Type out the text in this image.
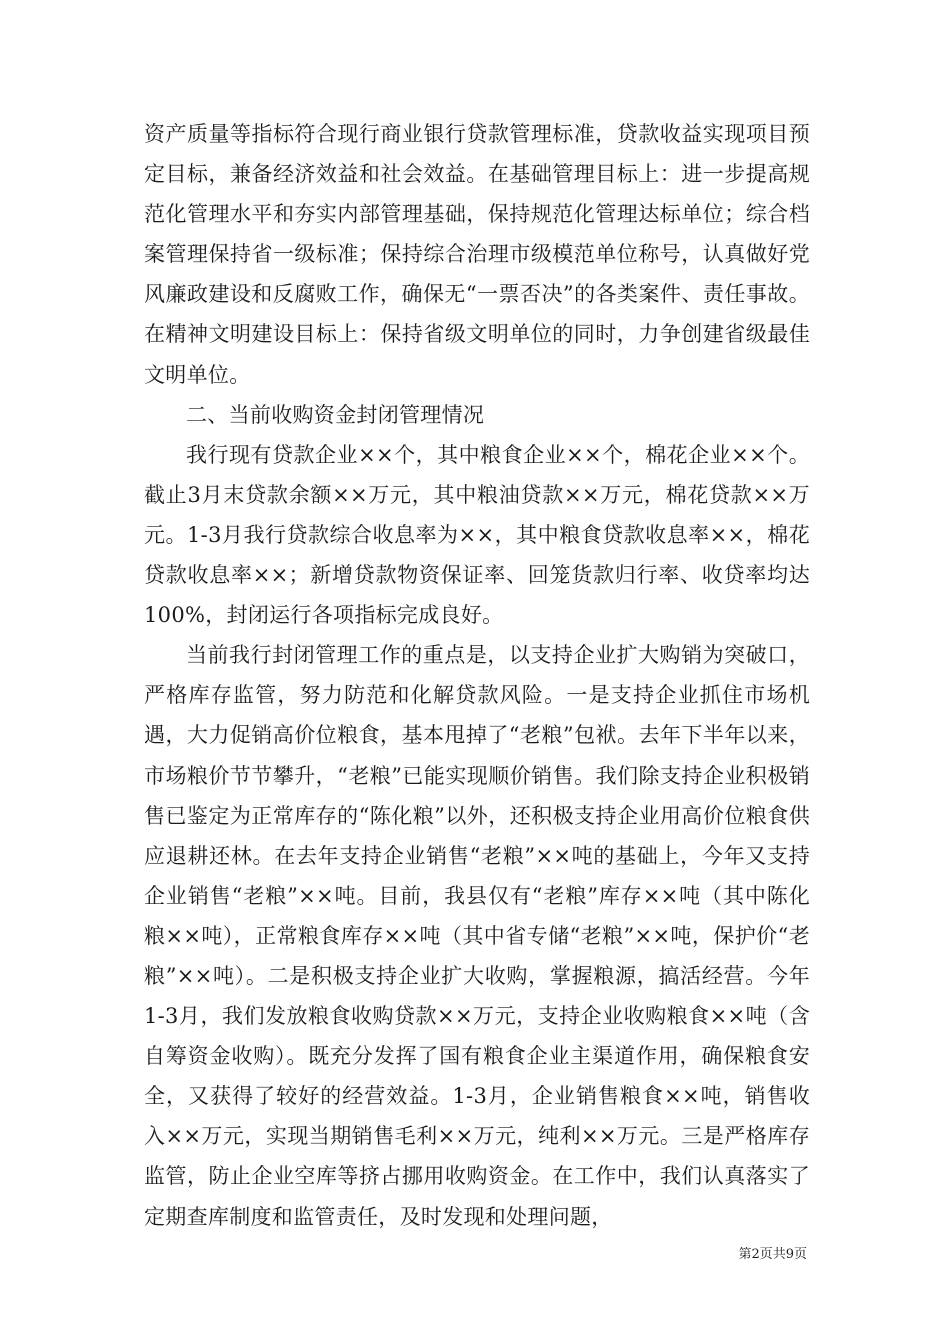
资产质量等指标符合现行商业银行贷款管理标准，贷款收益实现项目预定目标，兼备经济效益和社会效益。在基础管理目标上：进一步提高规范化管理水平和夯实内部管理基础，保持规范化管理达标单位；综合档案管理保持省一级标准；保持综合治理市级模范单位称号，认真做好党风廉政建设和反腐败工作，确保无“一票否决”的各类案件、责任事故。在精神文明建设目标上：保持省级文明单位的同时，力争创建省级最佳文明单位。

二、当前收购资金封闭管理情况

我行现有贷款企业××个，其中粮食企业××个，棉花企业××个。截止3月末贷款余额××万元，其中粮油贷款××万元，棉花贷款××万元。1-3月我行贷款综合收息率为××，其中粮食贷款收息率××，棉花贷款收息率××；新增贷款物资保证率、回笼货款归行率、收贷率均达100%，封闭运行各项指标完成良好。

当前我行封闭管理工作的重点是，以支持企业扩大购销为突破口，严格库存监管，努力防范和化解贷款风险。一是支持企业抓住市场机遇，大力促销高价位粮食，基本甩掉了“老粮”包袱。去年下半年以来，市场粮价节节攀升，“老粮”已能实现顺价销售。我们除支持企业积极销售已鉴定为正常库存的“陈化粮”以外，还积极支持企业用高价位粮食供应退耕还林。在去年支持企业销售“老粮”××吨的基础上，今年又支持企业销售“老粮”××吨。目前，我县仅有“老粮”库存××吨（其中陈化粮××吨），正常粮食库存××吨（其中省专储“老粮”××吨，保护价“老粮”××吨）。二是积极支持企业扩大收购，掌握粮源，搞活经营。今年1-3月，我们发放粮食收购贷款××万元，支持企业收购粮食××吨（含自筹资金收购）。既充分发挥了国有粮食企业主渠道作用，确保粮食安全，又获得了较好的经营效益。1-3月，企业销售粮食××吨，销售收入××万元，实现当期销售毛利××万元，纯利××万元。三是严格库存监管，防止企业空库等挤占挪用收购资金。在工作中，我们认真落实了定期查库制度和监管责任，及时发现和处理问题，

第2页共9页
